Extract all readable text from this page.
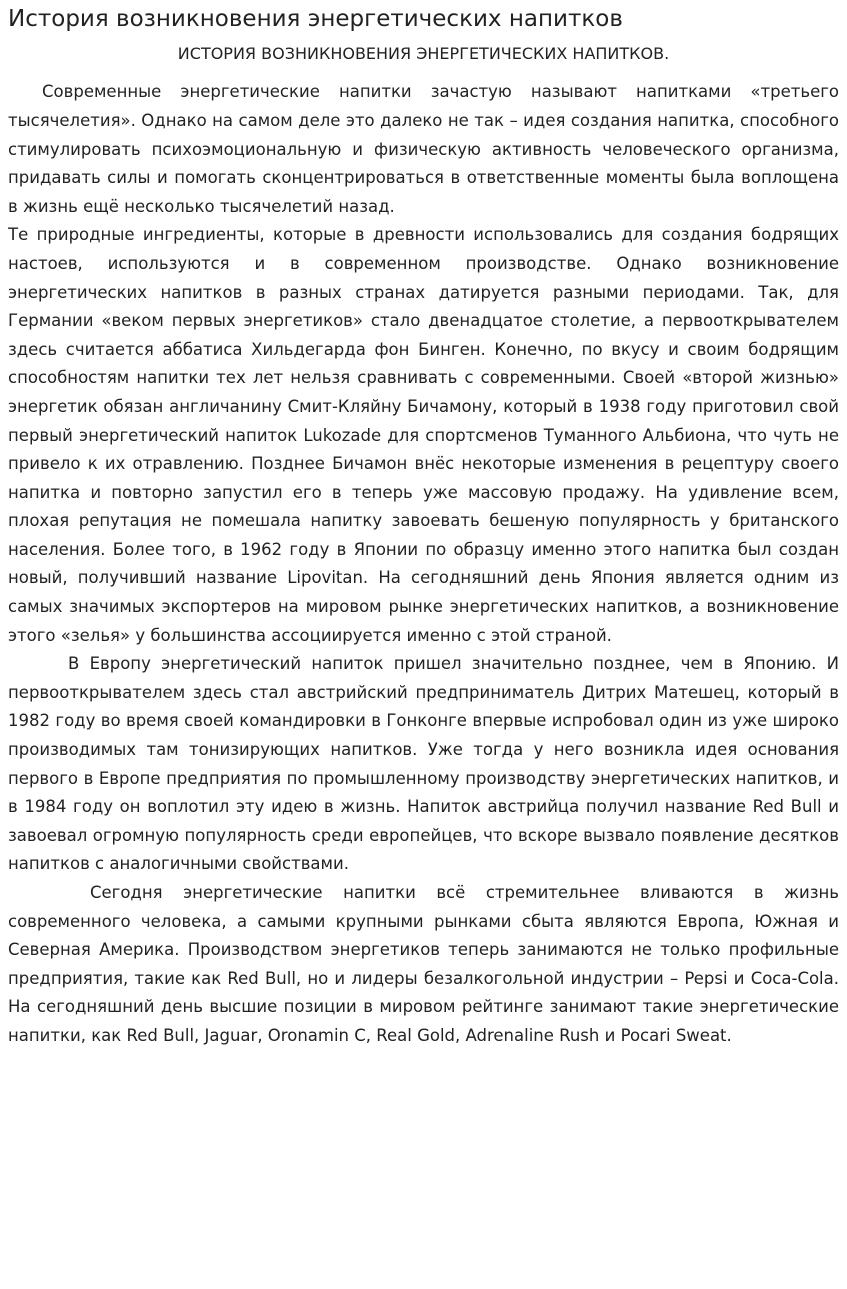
История возникновения энергетических напитков
ИСТОРИЯ ВОЗНИКНОВЕНИЯ ЭНЕРГЕТИЧЕСКИХ НАПИТКОВ.

Современные энергетические напитки зачастую называют напитками «третьего тысячелетия». Однако на самом деле это далеко не так – идея создания напитка, способного стимулировать психоэмоциональную и физическую активность человеческого организма, придавать силы и помогать сконцентрироваться в ответственные моменты была воплощена в жизнь ещё несколько тысячелетий назад.

Те природные ингредиенты, которые в древности использовались для создания бодрящих настоев, используются и в современном производстве. Однако возникновение энергетических напитков в разных странах датируется разными периодами. Так, для Германии «веком первых энергетиков» стало двенадцатое столетие, а первооткрывателем здесь считается аббатиса Хильдегарда фон Бинген. Конечно, по вкусу и своим бодрящим способностям напитки тех лет нельзя сравнивать с современными. Своей «второй жизнью» энергетик обязан англичанину Смит-Кляйну Бичамону, который в 1938 году приготовил свой первый энергетический напиток Lukozade для спортсменов Туманного Альбиона, что чуть не привело к их отравлению. Позднее Бичамон внёс некоторые изменения в рецептуру своего напитка и повторно запустил его в теперь уже массовую продажу. На удивление всем, плохая репутация не помешала напитку завоевать бешеную популярность у британского населения. Более того, в 1962 году в Японии по образцу именно этого напитка был создан новый, получивший название Lipovitan. На сегодняшний день Япония является одним из самых значимых экспортеров на мировом рынке энергетических напитков, а возникновение этого «зелья» у большинства ассоциируется именно с этой страной.

В Европу энергетический напиток пришел значительно позднее, чем в Японию. И первооткрывателем здесь стал австрийский предприниматель Дитрих Матешец, который в 1982 году во время своей командировки в Гонконге впервые испробовал один из уже широко производимых там тонизирующих напитков. Уже тогда у него возникла идея основания первого в Европе предприятия по промышленному производству энергетических напитков, и в 1984 году он воплотил эту идею в жизнь. Напиток австрийца получил название Red Bull и завоевал огромную популярность среди европейцев, что вскоре вызвало появление десятков напитков с аналогичными свойствами.

Сегодня энергетические напитки всё стремительнее вливаются в жизнь современного человека, а самыми крупными рынками сбыта являются Европа, Южная и Северная Америка. Производством энергетиков теперь занимаются не только профильные предприятия, такие как Red Bull, но и лидеры безалкогольной индустрии – Pepsi и Coca-Cola. На сегодняшний день высшие позиции в мировом рейтинге занимают такие энергетические напитки, как Red Bull, Jaguar, Oronamin C, Real Gold, Adrenaline Rush и Pocari Sweat.
